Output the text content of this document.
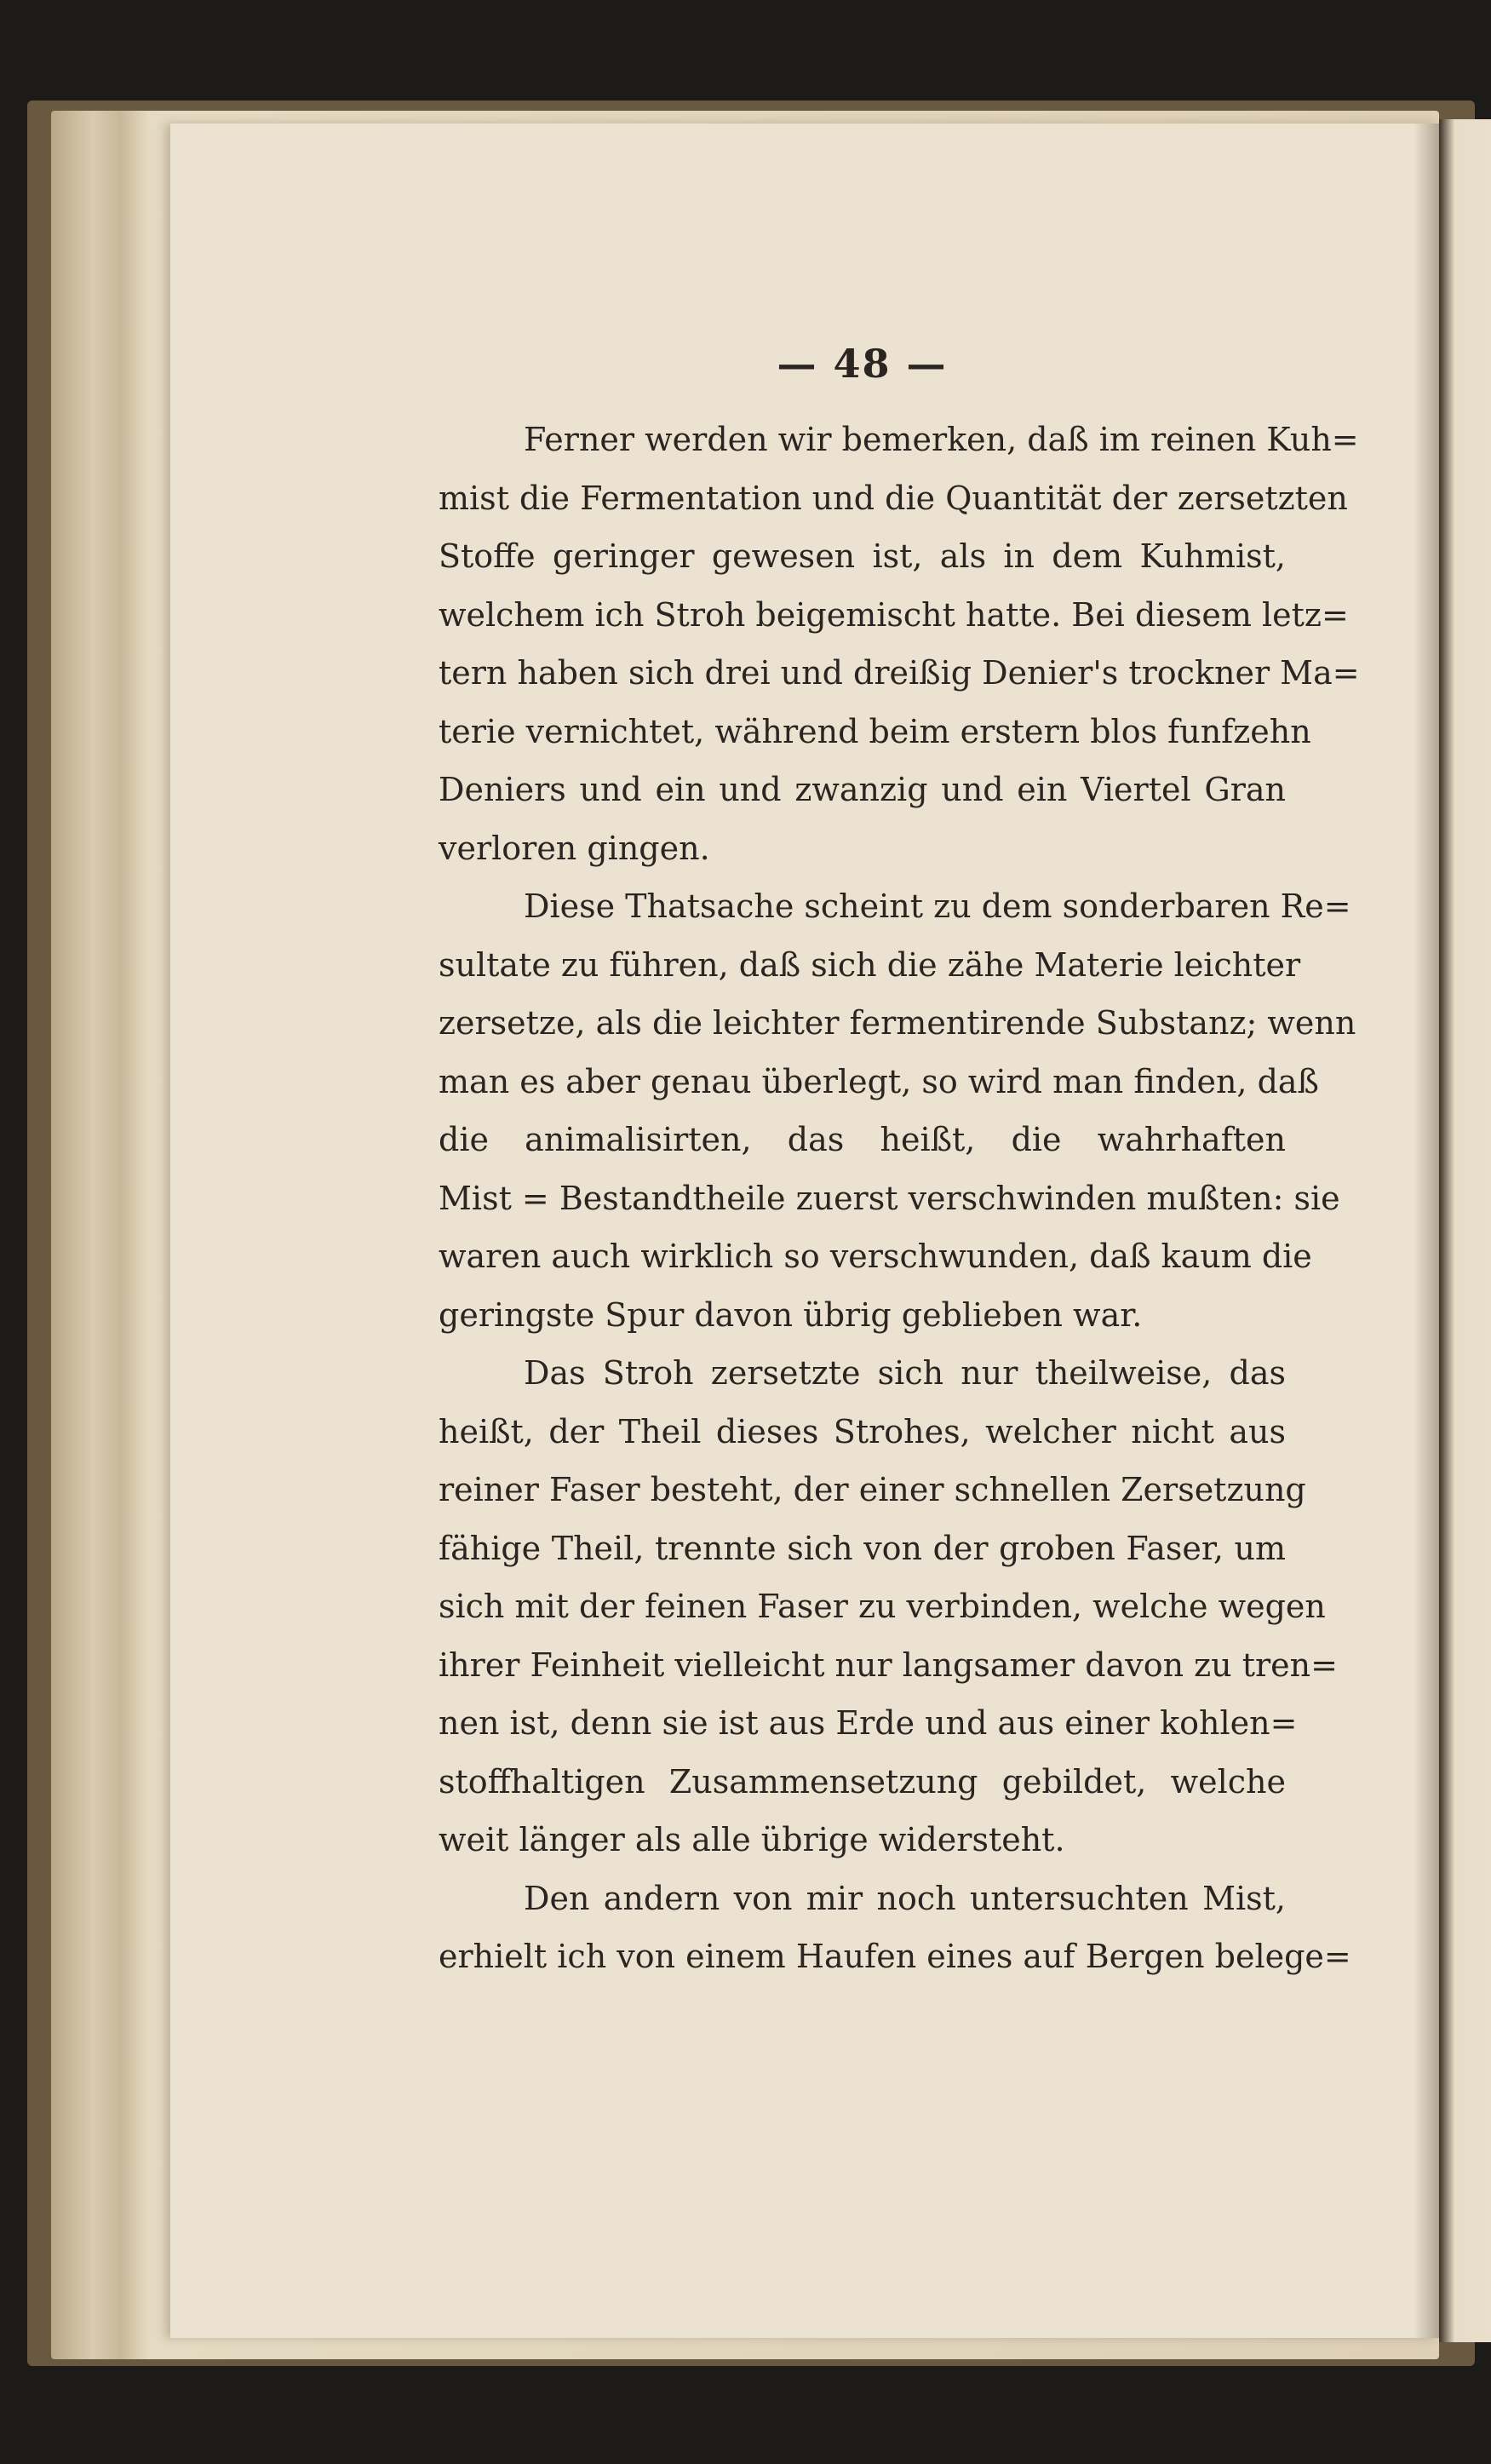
— 48 —
Ferner werden wir bemerken, daß im reinen Kuh=
mist die Fermentation und die Quantität der zersetzten
Stoffe geringer gewesen ist, als in dem Kuhmist,
welchem ich Stroh beigemischt hatte. Bei diesem letz=
tern haben sich drei und dreißig Denier's trockner Ma=
terie vernichtet, während beim erstern blos funfzehn
Deniers und ein und zwanzig und ein Viertel Gran
verloren gingen.
Diese Thatsache scheint zu dem sonderbaren Re=
sultate zu führen, daß sich die zähe Materie leichter
zersetze, als die leichter fermentirende Substanz; wenn
man es aber genau überlegt, so wird man finden, daß
die animalisirten, das heißt, die wahrhaften
Mist = Bestandtheile zuerst verschwinden mußten: sie
waren auch wirklich so verschwunden, daß kaum die
geringste Spur davon übrig geblieben war.
Das Stroh zersetzte sich nur theilweise, das
heißt, der Theil dieses Strohes, welcher nicht aus
reiner Faser besteht, der einer schnellen Zersetzung
fähige Theil, trennte sich von der groben Faser, um
sich mit der feinen Faser zu verbinden, welche wegen
ihrer Feinheit vielleicht nur langsamer davon zu tren=
nen ist, denn sie ist aus Erde und aus einer kohlen=
stoffhaltigen Zusammensetzung gebildet, welche
weit länger als alle übrige widersteht.
Den andern von mir noch untersuchten Mist,
erhielt ich von einem Haufen eines auf Bergen belege=
